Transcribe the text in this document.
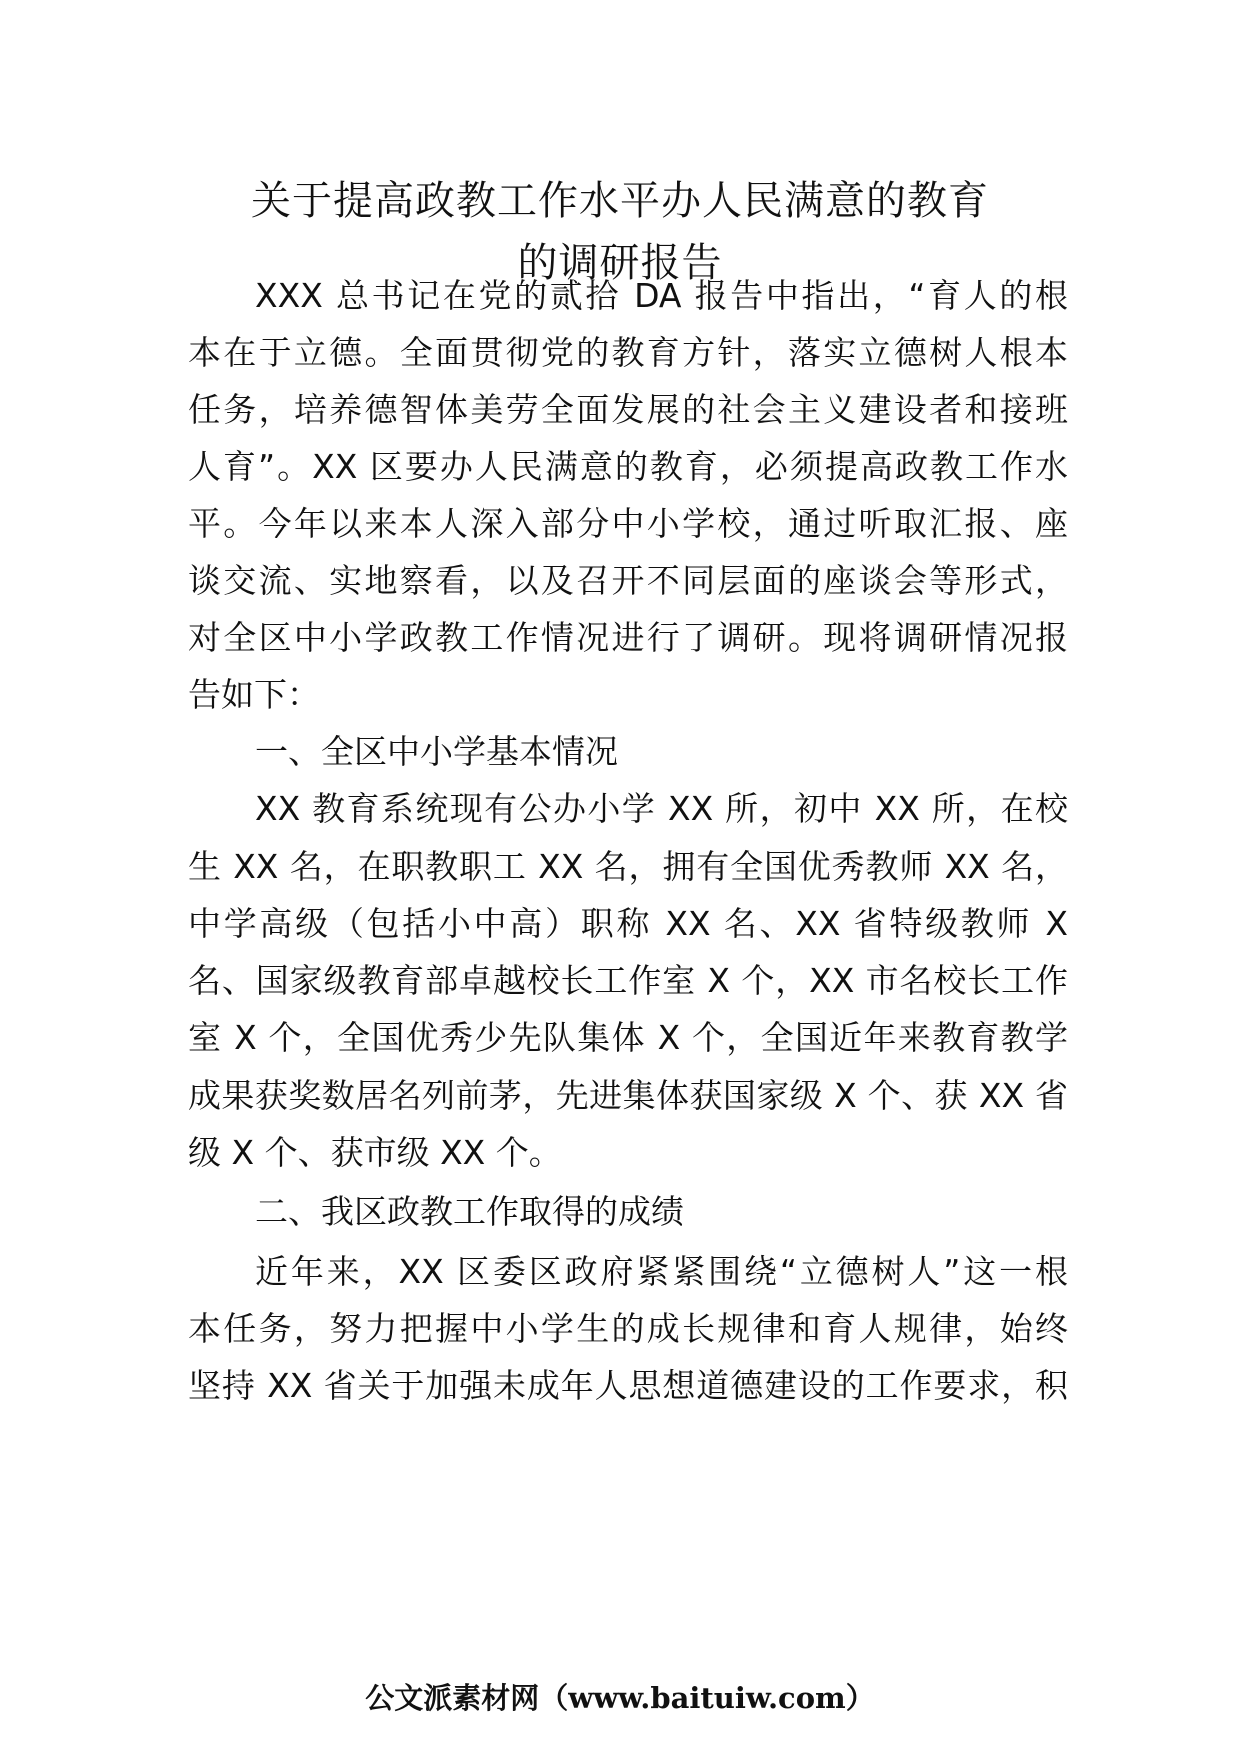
关于提高政教工作水平办人民满意的教育
的调研报告
XXX 总书记在党的贰拾 DA 报告中指出，“育人的根
本在于立德。全面贯彻党的教育方针，落实立德树人根本
任务，培养德智体美劳全面发展的社会主义建设者和接班
人育”。XX 区要办人民满意的教育，必须提高政教工作水
平。今年以来本人深入部分中小学校，通过听取汇报、座
谈交流、实地察看，以及召开不同层面的座谈会等形式，
对全区中小学政教工作情况进行了调研。现将调研情况报
告如下：
一、全区中小学基本情况
XX 教育系统现有公办小学 XX 所，初中 XX 所，在校
生 XX 名，在职教职工 XX 名，拥有全国优秀教师 XX 名，
中学高级（包括小中高）职称 XX 名、XX 省特级教师 X
名、国家级教育部卓越校长工作室 X 个，XX 市名校长工作
室 X 个，全国优秀少先队集体 X 个，全国近年来教育教学
成果获奖数居名列前茅，先进集体获国家级 X 个、获 XX 省
级 X 个、获市级 XX 个。
二、我区政教工作取得的成绩
近年来，XX 区委区政府紧紧围绕“立德树人”这一根
本任务，努力把握中小学生的成长规律和育人规律，始终
坚持 XX 省关于加强未成年人思想道德建设的工作要求，积
公文派素材网（www.baituiw.com）
